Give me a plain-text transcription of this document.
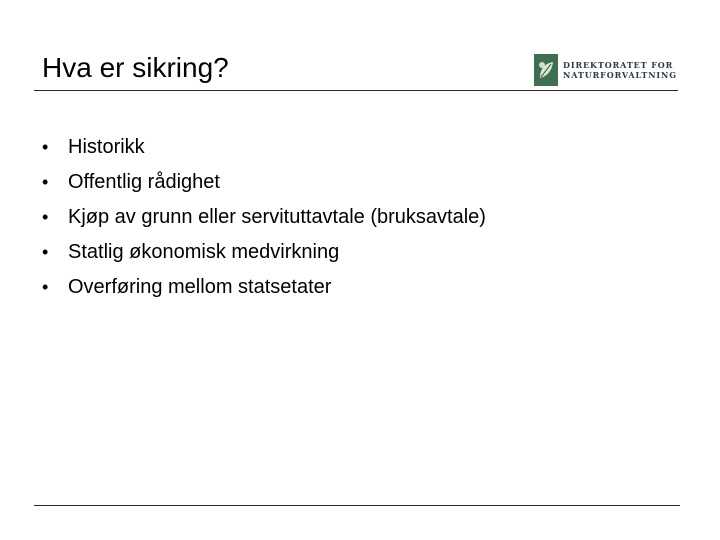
Hva er sikring?	DIREKTORATET FOR
NATURFORVALTNING
• Historikk
• Offentlig rådighet
• Kjøp av grunn eller servituttavtale (bruksavtale)
• Statlig økonomisk medvirkning
• Overføring mellom statsetater
